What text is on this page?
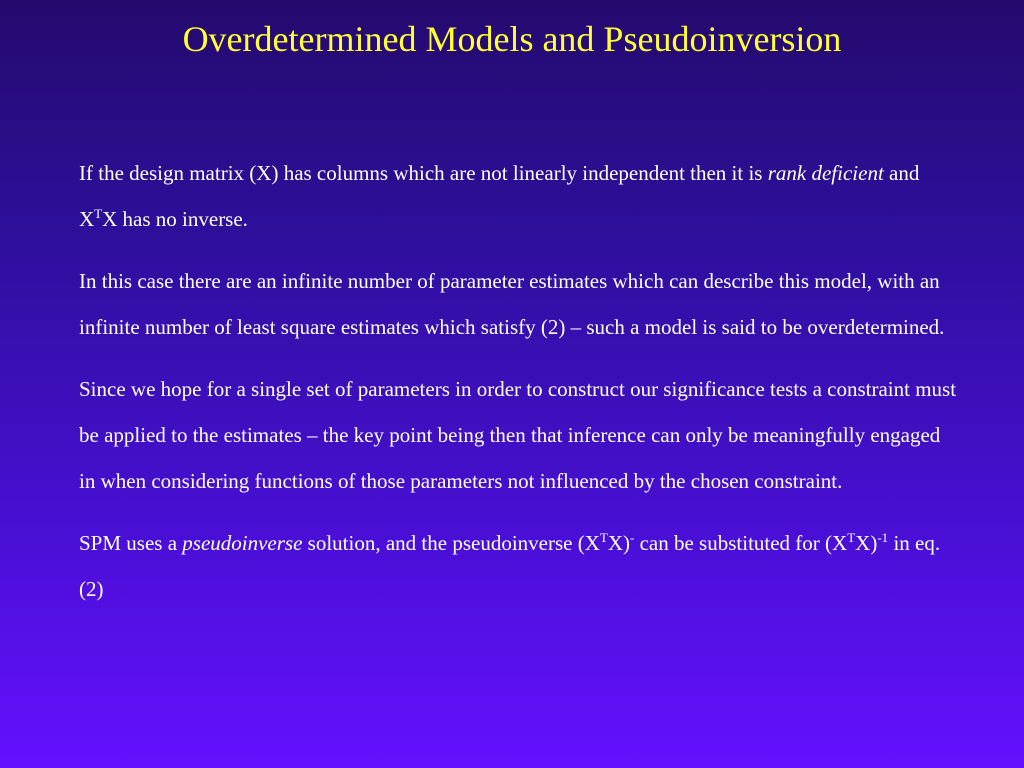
Overdetermined Models and Pseudoinversion

If the design matrix (X) has columns which are not linearly independent then it is rank deficient and $X^TX$ has no inverse.

In this case there are an infinite number of parameter estimates which can describe this model, with an infinite number of least square estimates which satisfy (2) – such a model is said to be overdetermined.

Since we hope for a single set of parameters in order to construct our significance tests a constraint must be applied to the estimates – the key point being then that inference can only be meaningfully engaged in when considering functions of those parameters not influenced by the chosen constraint.

SPM uses a pseudoinverse solution, and the pseudoinverse $(X^TX)^-$ can be substituted for $(X^TX)^{-1}$ in eq. (2)
